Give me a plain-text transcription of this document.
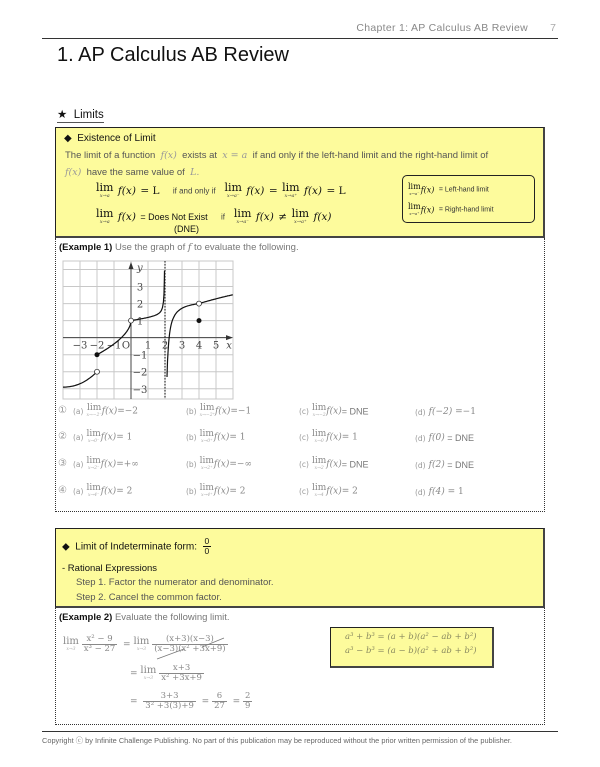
Chapter 1: AP Calculus AB Review 7
1. AP Calculus AB Review
★ Limits
◆ Existence of Limit
The limit of a function f(x) exists at x = a if and only if the left-hand limit and the right-hand limit of
f(x) have the same value of L.
lim
x→a f(x) = L if and only if lim
x→a⁻ f(x) = lim
x→a⁺ f(x) = L
lim
x→a f(x) = Does Not Exist if lim
x→a⁻ f(x) ≠ lim
x→a⁺ f(x)
(DNE)
lim
x→a⁻ f(x) = Left-hand limit
lim
x→a⁺ f(x) = Right-hand limit
(Example 1) Use the graph of f to evaluate the following.
−3 −2 −1 O 1 2 3 4 5
3
2
1
−1
−2
−3
x
y
① (a) lim
x→−2⁻ f(x)=−2	(b) lim
x→−2⁺ f(x)=−1	(c) lim
x→−2 f(x)= DNE	(d) f(−2) =−1
② (a) lim
x→0⁻ f(x)= 1	(b) lim
x→0⁺ f(x)= 1	(c) lim
x→0 f(x)= 1	(d) f(0) = DNE
③ (a) lim
x→2⁻ f(x)=+∞	(b) lim
x→2⁺ f(x)=−∞	(c) lim
x→2 f(x)= DNE	(d) f(2) = DNE
④ (a) lim
x→4⁻ f(x)= 2	(b) lim
x→4⁺ f(x)= 2	(c) lim
x→4 f(x)= 2	(d) f(4) = 1
◆ Limit of Indeterminate form: $\frac{0}{0}$
- Rational Expressions
Step 1. Factor the numerator and denominator.
Step 2. Cancel the common factor.
(Example 2) Evaluate the following limit.
lim
x→3
$\frac{\text{x² − 9}}{\text{x³ − 27}} = \lim$
x→3
$\frac{(x+3)(x-3)}{\text{(x−3)(x² +3x+9)}}$
= lim
x→3
$\frac{x+3}{\text{x² +3x+9}}$
= $\frac{3+3}{\text{3² +3(3)+9}} = \frac{6}{27} = \frac{2}{9}$
a³ + b³ = (a + b)(a² − ab + b²)
a³ − b³ = (a − b)(a² + ab + b²)
Copyright ⓒ by Infinite Challenge Publishing. No part of this publication may be reproduced without the prior written permission of the publisher.
